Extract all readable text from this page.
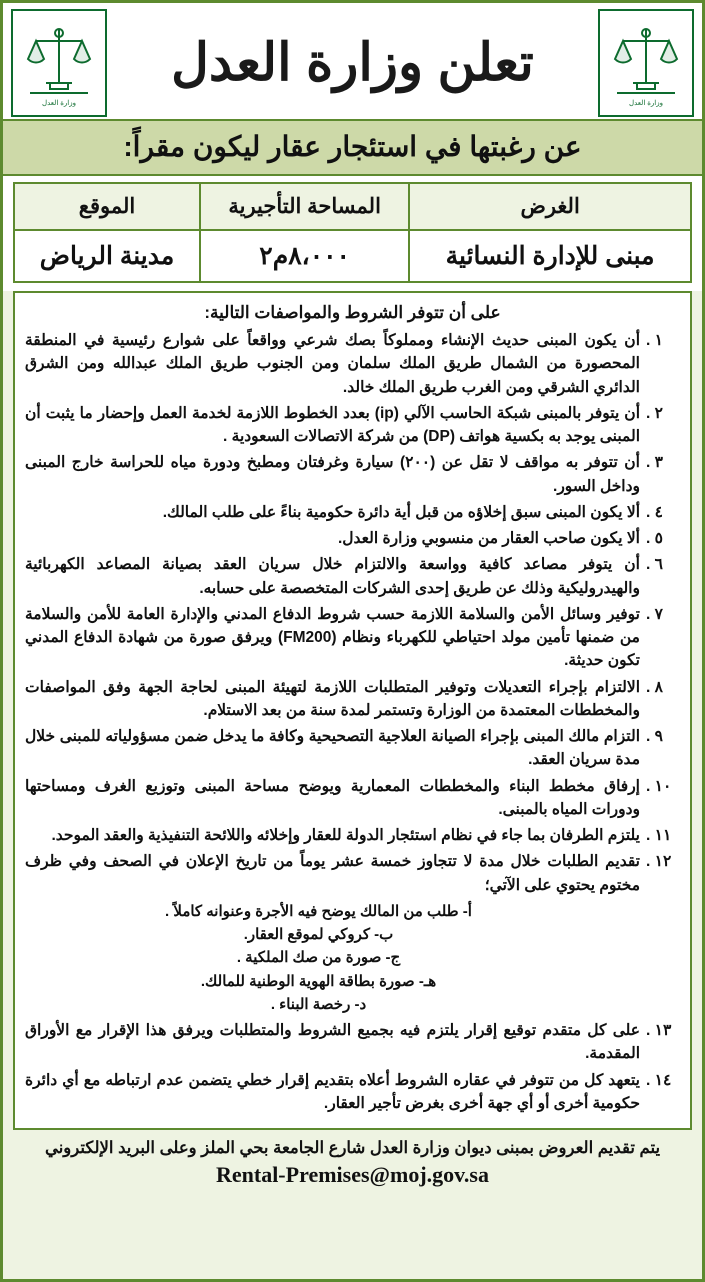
وزارة العدل
تعلن وزارة العدل
وزارة العدل
عن رغبتها في استئجار عقار ليكون مقراً:
الغرض	المساحة التأجيرية	الموقع
مبنى للإدارة النسائية	٨،٠٠٠م٢	مدينة الرياض
على أن تتوفر الشروط والمواصفات التالية:
١ .
أن يكون المبنى حديث الإنشاء ومملوكاً بصك شرعي وواقعاً على شوارع رئيسية في المنطقة المحصورة من الشمال طريق الملك سلمان ومن الجنوب طريق الملك عبدالله ومن الشرق الدائري الشرقي ومن الغرب طريق الملك خالد.
٢ .
أن يتوفر بالمبنى شبكة الحاسب الآلي (ip) بعدد الخطوط اللازمة لخدمة العمل وإحضار ما يثبت أن المبنى يوجد به بكسية هواتف (DP) من شركة الاتصالات السعودية .
٣ .
أن تتوفر به مواقف لا تقل عن (٢٠٠) سيارة وغرفتان ومطبخ ودورة مياه للحراسة خارج المبنى وداخل السور.
٤ .
ألا يكون المبنى سبق إخلاؤه من قبل أية دائرة حكومية بناءً على طلب المالك.
٥ .
ألا يكون صاحب العقار من منسوبي وزارة العدل.
٦ .
أن يتوفر مصاعد كافية وواسعة والالتزام خلال سريان العقد بصيانة المصاعد الكهربائية والهيدروليكية وذلك عن طريق إحدى الشركات المتخصصة على حسابه.
٧ .
توفير وسائل الأمن والسلامة اللازمة حسب شروط الدفاع المدني والإدارة العامة للأمن والسلامة من ضمنها تأمين مولد احتياطي للكهرباء ونظام (FM200) ويرفق صورة من شهادة الدفاع المدني تكون حديثة.
٨ .
الالتزام بإجراء التعديلات وتوفير المتطلبات اللازمة لتهيئة المبنى لحاجة الجهة وفق المواصفات والمخططات المعتمدة من الوزارة وتستمر لمدة سنة من بعد الاستلام.
٩ .
التزام مالك المبنى بإجراء الصيانة العلاجية التصحيحية وكافة ما يدخل ضمن مسؤولياته للمبنى خلال مدة سريان العقد.
١٠ .
إرفاق مخطط البناء والمخططات المعمارية ويوضح مساحة المبنى وتوزيع الغرف ومساحتها ودورات المياه بالمبنى.
١١ .
يلتزم الطرفان بما جاء في نظام استئجار الدولة للعقار وإخلائه واللائحة التنفيذية والعقد الموحد.
١٢ .
تقديم الطلبات خلال مدة لا تتجاوز خمسة عشر يوماً من تاريخ الإعلان في الصحف وفي ظرف مختوم يحتوي على الآتي؛
أ- طلب من المالك يوضح فيه الأجرة وعنوانه كاملاً .
ب- كروكي لموقع العقار.
ج- صورة من صك الملكية .
هـ- صورة بطاقة الهوية الوطنية للمالك.
د- رخصة البناء .
١٣ .
على كل متقدم توقيع إقرار يلتزم فيه بجميع الشروط والمتطلبات ويرفق هذا الإقرار مع الأوراق المقدمة.
١٤ .
يتعهد كل من تتوفر في عقاره الشروط أعلاه بتقديم إقرار خطي يتضمن عدم ارتباطه مع أي دائرة حكومية أخرى أو أي جهة أخرى بغرض تأجير العقار.
يتم تقديم العروض بمبنى ديوان وزارة العدل شارع الجامعة بحي الملز وعلى البريد الإلكتروني
Rental-Premises@moj.gov.sa
